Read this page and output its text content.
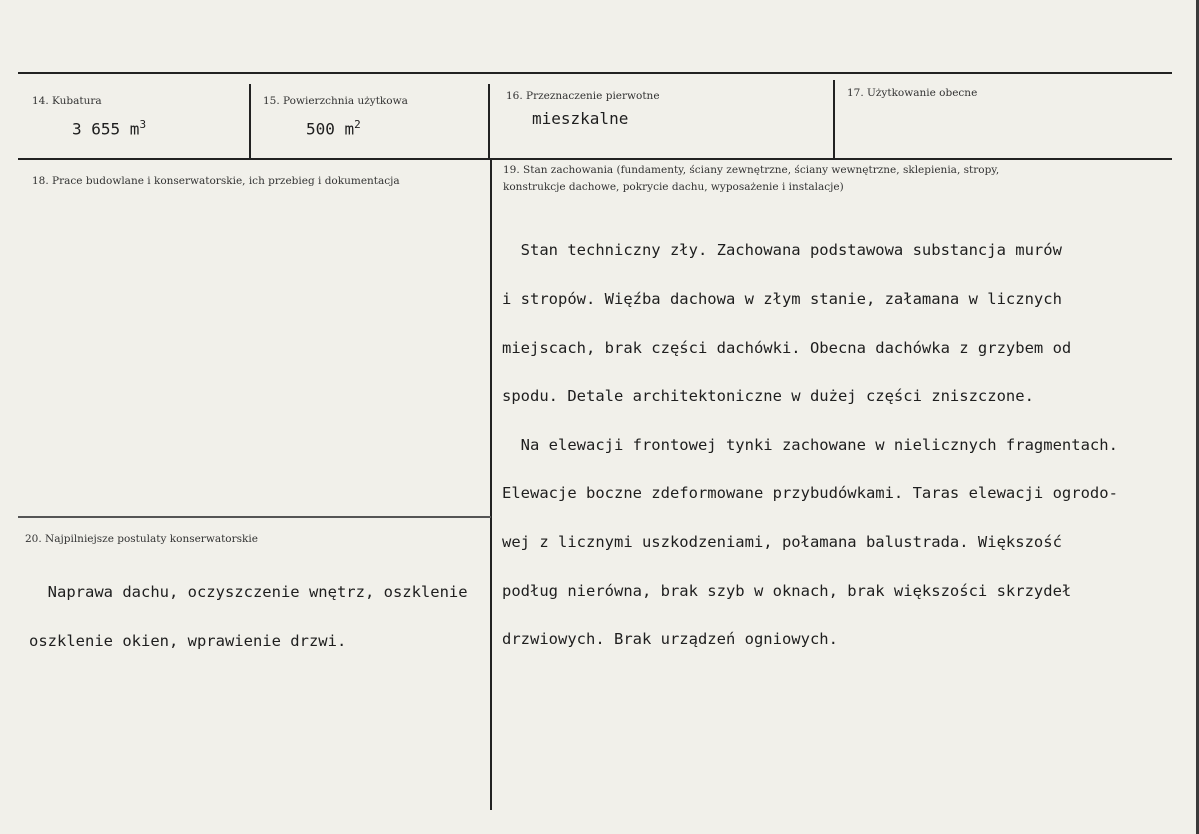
14. Kubatura
3 655 $m^3$
15. Powierzchnia użytkowa
500 $m^2$
16. Przeznaczenie pierwotne
mieszkalne
17. Użytkowanie obecne
18. Prace budowlane i konserwatorskie, ich przebieg i dokumentacja
19. Stan zachowania (fundamenty, ściany zewnętrzne, ściany wewnętrzne, sklepienia, stropy,
konstrukcje dachowe, pokrycie dachu, wyposażenie i instalacje)

Stan techniczny zły. Zachowana podstawowa substancja murów

i stropów. Więźba dachowa w złym stanie, załamana w licznych

miejscach, brak części dachówki. Obecna dachówka z grzybem od

spodu. Detale architektoniczne w dużej części zniszczone.

Na elewacji frontowej tynki zachowane w nielicznych fragmentach.

Elewacje boczne zdeformowane przybudówkami. Taras elewacji ogrodo-

wej z licznymi uszkodzeniami, połamana balustrada. Większość

podług nierówna, brak szyb w oknach, brak większości skrzydeł

drzwiowych. Brak urządzeń ogniowych.

20. Najpilniejsze postulaty konserwatorskie

Naprawa dachu, oczyszczenie wnętrz, oszklenie

oszklenie okien, wprawienie drzwi.
